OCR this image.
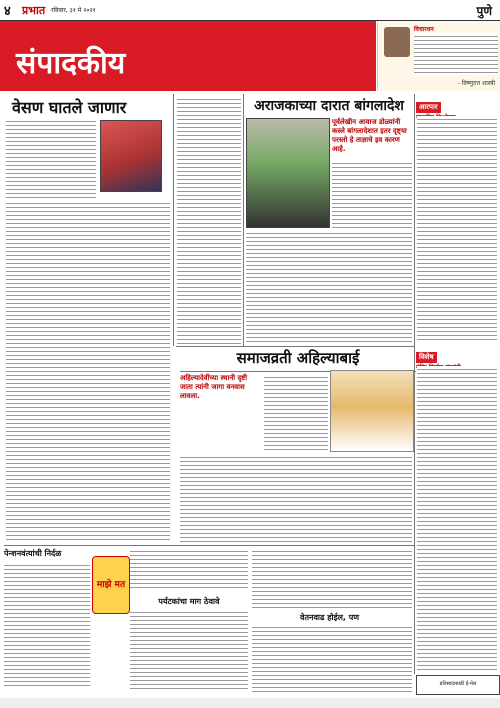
४	प्रभात रविवार, ३१ मे २०२१	पुणे
संपादकीय
विचारधन
- विष्णुदत्त शास्त्री
वेसण घातले जाणार	अराजकाच्या दारात बांगलादेश
पूर्वलेखीन आवाज डोळ्यांनी कस्ले बांगलादेशात इतर दृष्ट्या परस्तो हे ताज्ञाचे इव कारण आहे.
आरपार
विशेष
समाजव्रती अहिल्याबाई
अहिल्यादेवींच्या स्थानी दृष्टी जाता त्यांनी जागा वनवास लावला.
पेन्शनवंत्यांची निर्दळ
माझे मत
पर्यटकांचा माग ठेवावे
वेतनवाढ होईल, पण
प्रतिसादासाठी ई-मेल
